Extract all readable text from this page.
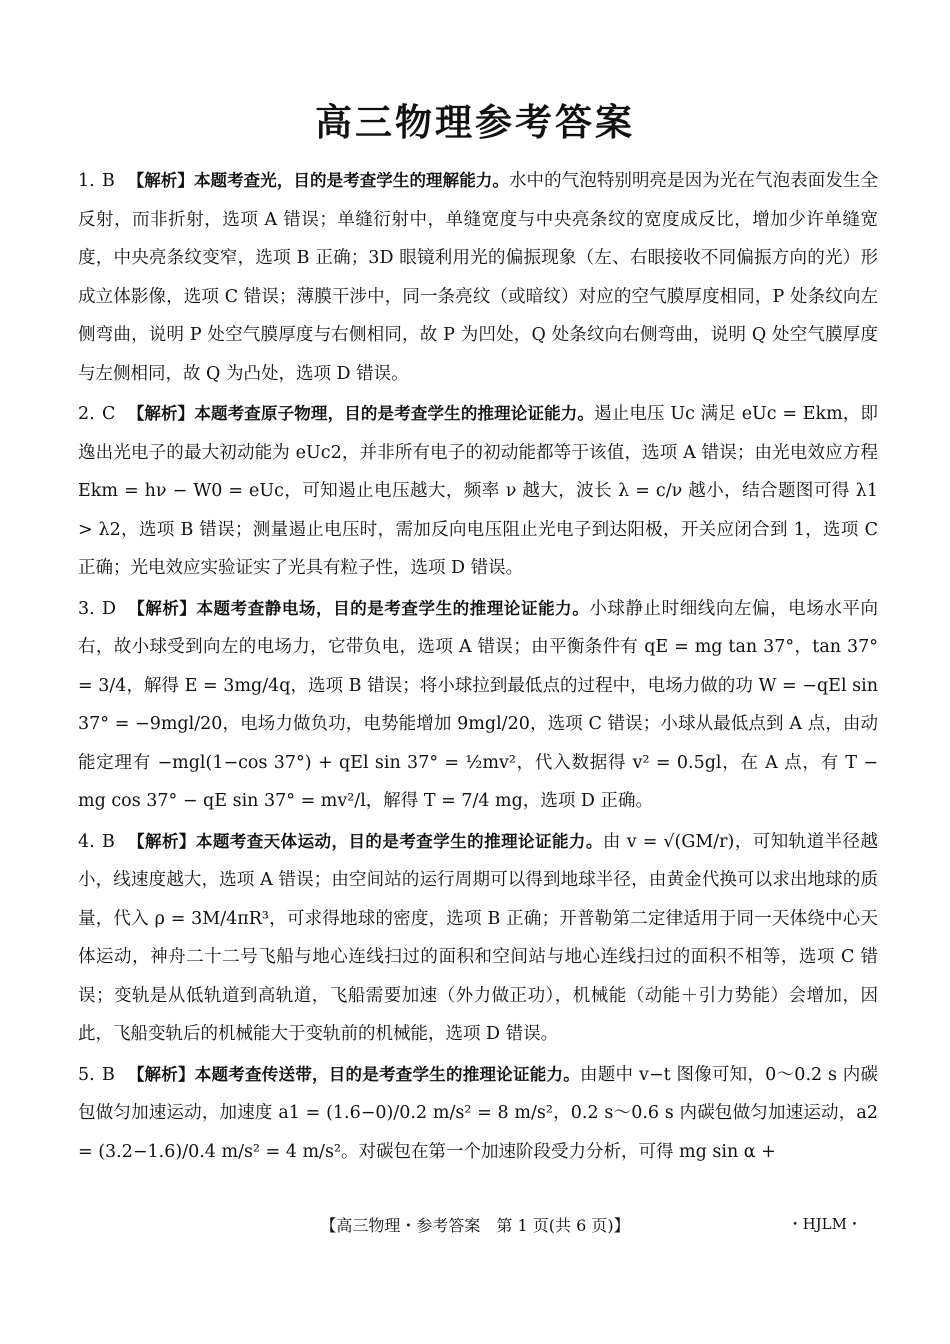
高三物理参考答案
1. B 【解析】本题考查光，目的是考查学生的理解能力。水中的气泡特别明亮是因为光在气泡表面发生全反射，而非折射，选项 A 错误；单缝衍射中，单缝宽度与中央亮条纹的宽度成反比，增加少许单缝宽度，中央亮条纹变窄，选项 B 正确；3D 眼镜利用光的偏振现象（左、右眼接收不同偏振方向的光）形成立体影像，选项 C 错误；薄膜干涉中，同一条亮纹（或暗纹）对应的空气膜厚度相同，P 处条纹向左侧弯曲，说明 P 处空气膜厚度与右侧相同，故 P 为凹处，Q 处条纹向右侧弯曲，说明 Q 处空气膜厚度与左侧相同，故 Q 为凸处，选项 D 错误。
2. C 【解析】本题考查原子物理，目的是考查学生的推理论证能力。遏止电压 Uc 满足 eUc = Ekm，即逸出光电子的最大初动能为 eUc2，并非所有电子的初动能都等于该值，选项 A 错误；由光电效应方程 Ekm = hν − W0 = eUc，可知遏止电压越大，频率 ν 越大，波长 λ = c/ν 越小，结合题图可得 λ1 > λ2，选项 B 错误；测量遏止电压时，需加反向电压阻止光电子到达阳极，开关应闭合到 1，选项 C 正确；光电效应实验证实了光具有粒子性，选项 D 错误。
3. D 【解析】本题考查静电场，目的是考查学生的推理论证能力。小球静止时细线向左偏，电场水平向右，故小球受到向左的电场力，它带负电，选项 A 错误；由平衡条件有 qE = mg tan 37°，tan 37° = 3/4，解得 E = 3mg/4q，选项 B 错误；将小球拉到最低点的过程中，电场力做的功 W = −qEl sin 37° = −9mgl/20，电场力做负功，电势能增加 9mgl/20，选项 C 错误；小球从最低点到 A 点，由动能定理有 −mgl(1−cos 37°) + qEl sin 37° = ½mv²，代入数据得 v² = 0.5gl，在 A 点，有 T − mg cos 37° − qE sin 37° = mv²/l，解得 T = 7/4 mg，选项 D 正确。
4. B 【解析】本题考查天体运动，目的是考查学生的推理论证能力。由 v = √(GM/r)，可知轨道半径越小，线速度越大，选项 A 错误；由空间站的运行周期可以得到地球半径，由黄金代换可以求出地球的质量，代入 ρ = 3M/4πR³，可求得地球的密度，选项 B 正确；开普勒第二定律适用于同一天体绕中心天体运动，神舟二十二号飞船与地心连线扫过的面积和空间站与地心连线扫过的面积不相等，选项 C 错误；变轨是从低轨道到高轨道，飞船需要加速（外力做正功），机械能（动能＋引力势能）会增加，因此，飞船变轨后的机械能大于变轨前的机械能，选项 D 错误。
5. B 【解析】本题考查传送带，目的是考查学生的推理论证能力。由题中 v−t 图像可知，0～0.2 s 内碳包做匀加速运动，加速度 a1 = (1.6−0)/0.2 m/s² = 8 m/s²，0.2 s～0.6 s 内碳包做匀加速运动，a2 = (3.2−1.6)/0.4 m/s² = 4 m/s²。对碳包在第一个加速阶段受力分析，可得 mg sin α +
【高三物理・参考答案　第 1 页(共 6 页)】	・HJLM・
